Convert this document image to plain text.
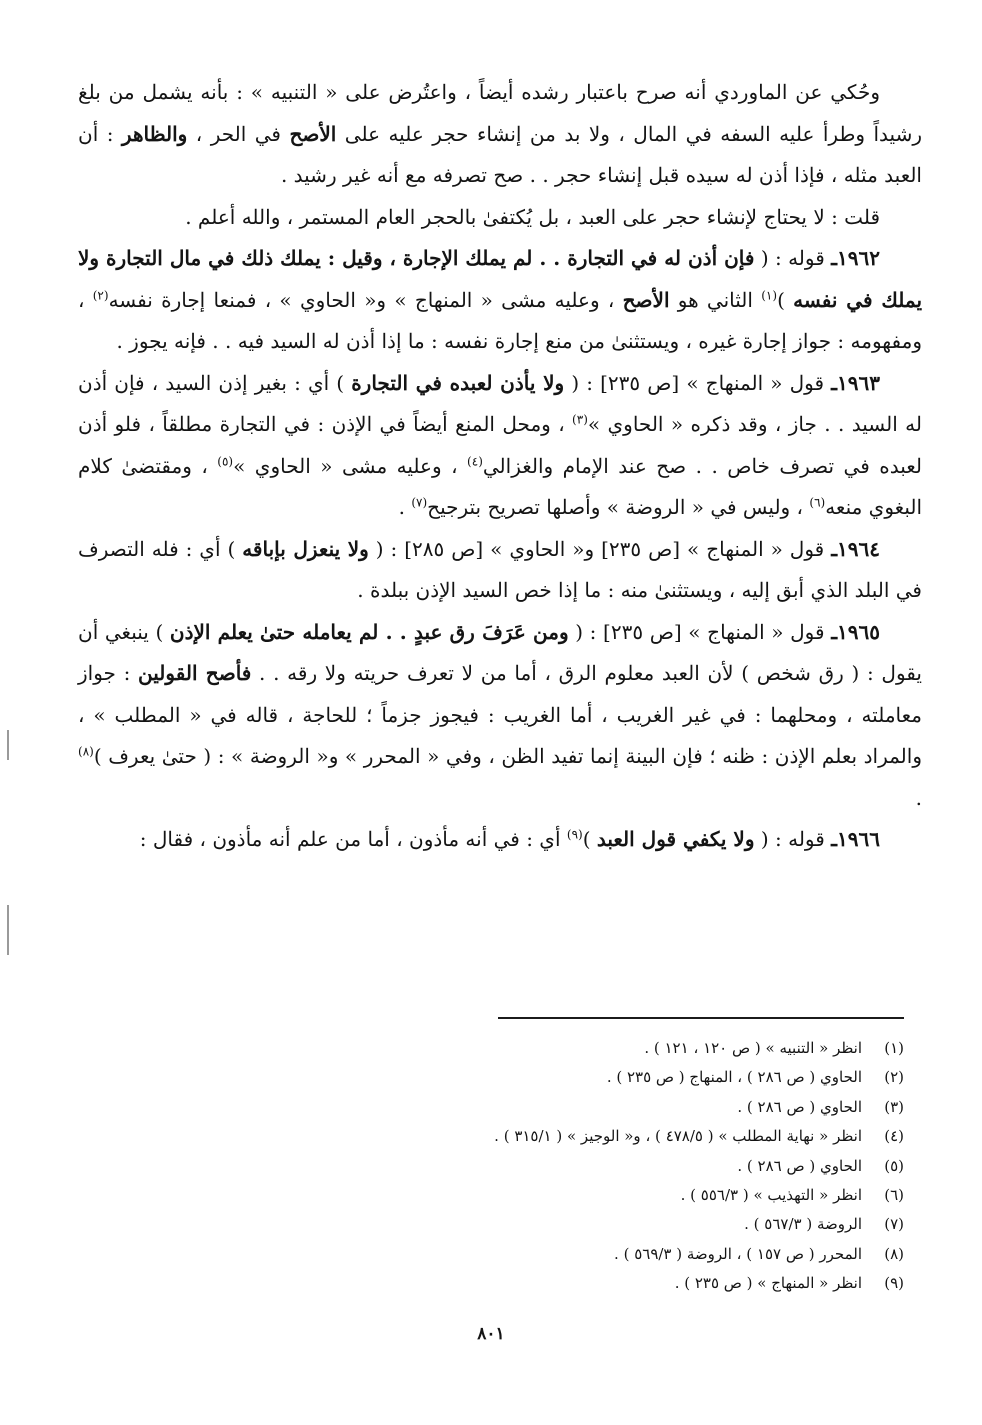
وحُكي عن الماوردي أنه صرح باعتبار رشده أيضاً ، واعتُرض على « التنبيه » : بأنه يشمل من بلغ رشيداً وطرأ عليه السفه في المال ، ولا بد من إنشاء حجر عليه على الأصح في الحر ، والظاهر : أن العبد مثله ، فإذا أذن له سيده قبل إنشاء حجر . . صح تصرفه مع أنه غير رشيد .

قلت : لا يحتاج لإنشاء حجر على العبد ، بل يُكتفىٰ بالحجر العام المستمر ، والله أعلم .

١٩٦٢ـ قوله : ( فإن أذن له في التجارة . . لم يملك الإجارة ، وقيل : يملك ذلك في مال التجارة ولا يملك في نفسه )$^{(١)}$ الثاني هو الأصح ، وعليه مشى « المنهاج » و« الحاوي » ، فمنعا إجارة نفسه$^{(٢)}$ ، ومفهومه : جواز إجارة غيره ، ويستثنىٰ من منع إجارة نفسه : ما إذا أذن له السيد فيه . . فإنه يجوز .

١٩٦٣ـ قول « المنهاج » [ص ٢٣٥] : ( ولا يأذن لعبده في التجارة ) أي : بغير إذن السيد ، فإن أذن له السيد . . جاز ، وقد ذكره « الحاوي »$^{(٣)}$ ، ومحل المنع أيضاً في الإذن : في التجارة مطلقاً ، فلو أذن لعبده في تصرف خاص . . صح عند الإمام والغزالي$^{(٤)}$ ، وعليه مشى « الحاوي »$^{(٥)}$ ، ومقتضىٰ كلام البغوي منعه$^{(٦)}$ ، وليس في « الروضة » وأصلها تصريح بترجيح$^{(٧)}$ .

١٩٦٤ـ قول « المنهاج » [ص ٢٣٥] و« الحاوي » [ص ٢٨٥] : ( ولا ينعزل بإباقه ) أي : فله التصرف في البلد الذي أبق إليه ، ويستثنىٰ منه : ما إذا خص السيد الإذن ببلدة .

١٩٦٥ـ قول « المنهاج » [ص ٢٣٥] : ( ومن عَرَفَ رق عبدٍ . . لم يعامله حتىٰ يعلم الإذن ) ينبغي أن يقول : ( رق شخص ) لأن العبد معلوم الرق ، أما من لا تعرف حريته ولا رقه . . فأصح القولين : جواز معاملته ، ومحلهما : في غير الغريب ، أما الغريب : فيجوز جزماً ؛ للحاجة ، قاله في « المطلب » ، والمراد بعلم الإذن : ظنه ؛ فإن البينة إنما تفيد الظن ، وفي « المحرر » و« الروضة » : ( حتىٰ يعرف )$^{(٨)}$ .

١٩٦٦ـ قوله : ( ولا يكفي قول العبد )$^{(٩)}$ أي : في أنه مأذون ، أما من علم أنه مأذون ، فقال :

(١)
انظر « التنبيه » ( ص ١٢٠ ، ١٢١ ) .
(٢)
الحاوي ( ص ٢٨٦ ) ، المنهاج ( ص ٢٣٥ ) .
(٣)
الحاوي ( ص ٢٨٦ ) .
(٤)
انظر « نهاية المطلب » ( ٤٧٨/٥ ) ، و« الوجيز » ( ٣١٥/١ ) .
(٥)
الحاوي ( ص ٢٨٦ ) .
(٦)
انظر « التهذيب » ( ٥٥٦/٣ ) .
(٧)
الروضة ( ٥٦٧/٣ ) .
(٨)
المحرر ( ص ١٥٧ ) ، الروضة ( ٥٦٩/٣ ) .
(٩)
انظر « المنهاج » ( ص ٢٣٥ ) .
٨٠١
